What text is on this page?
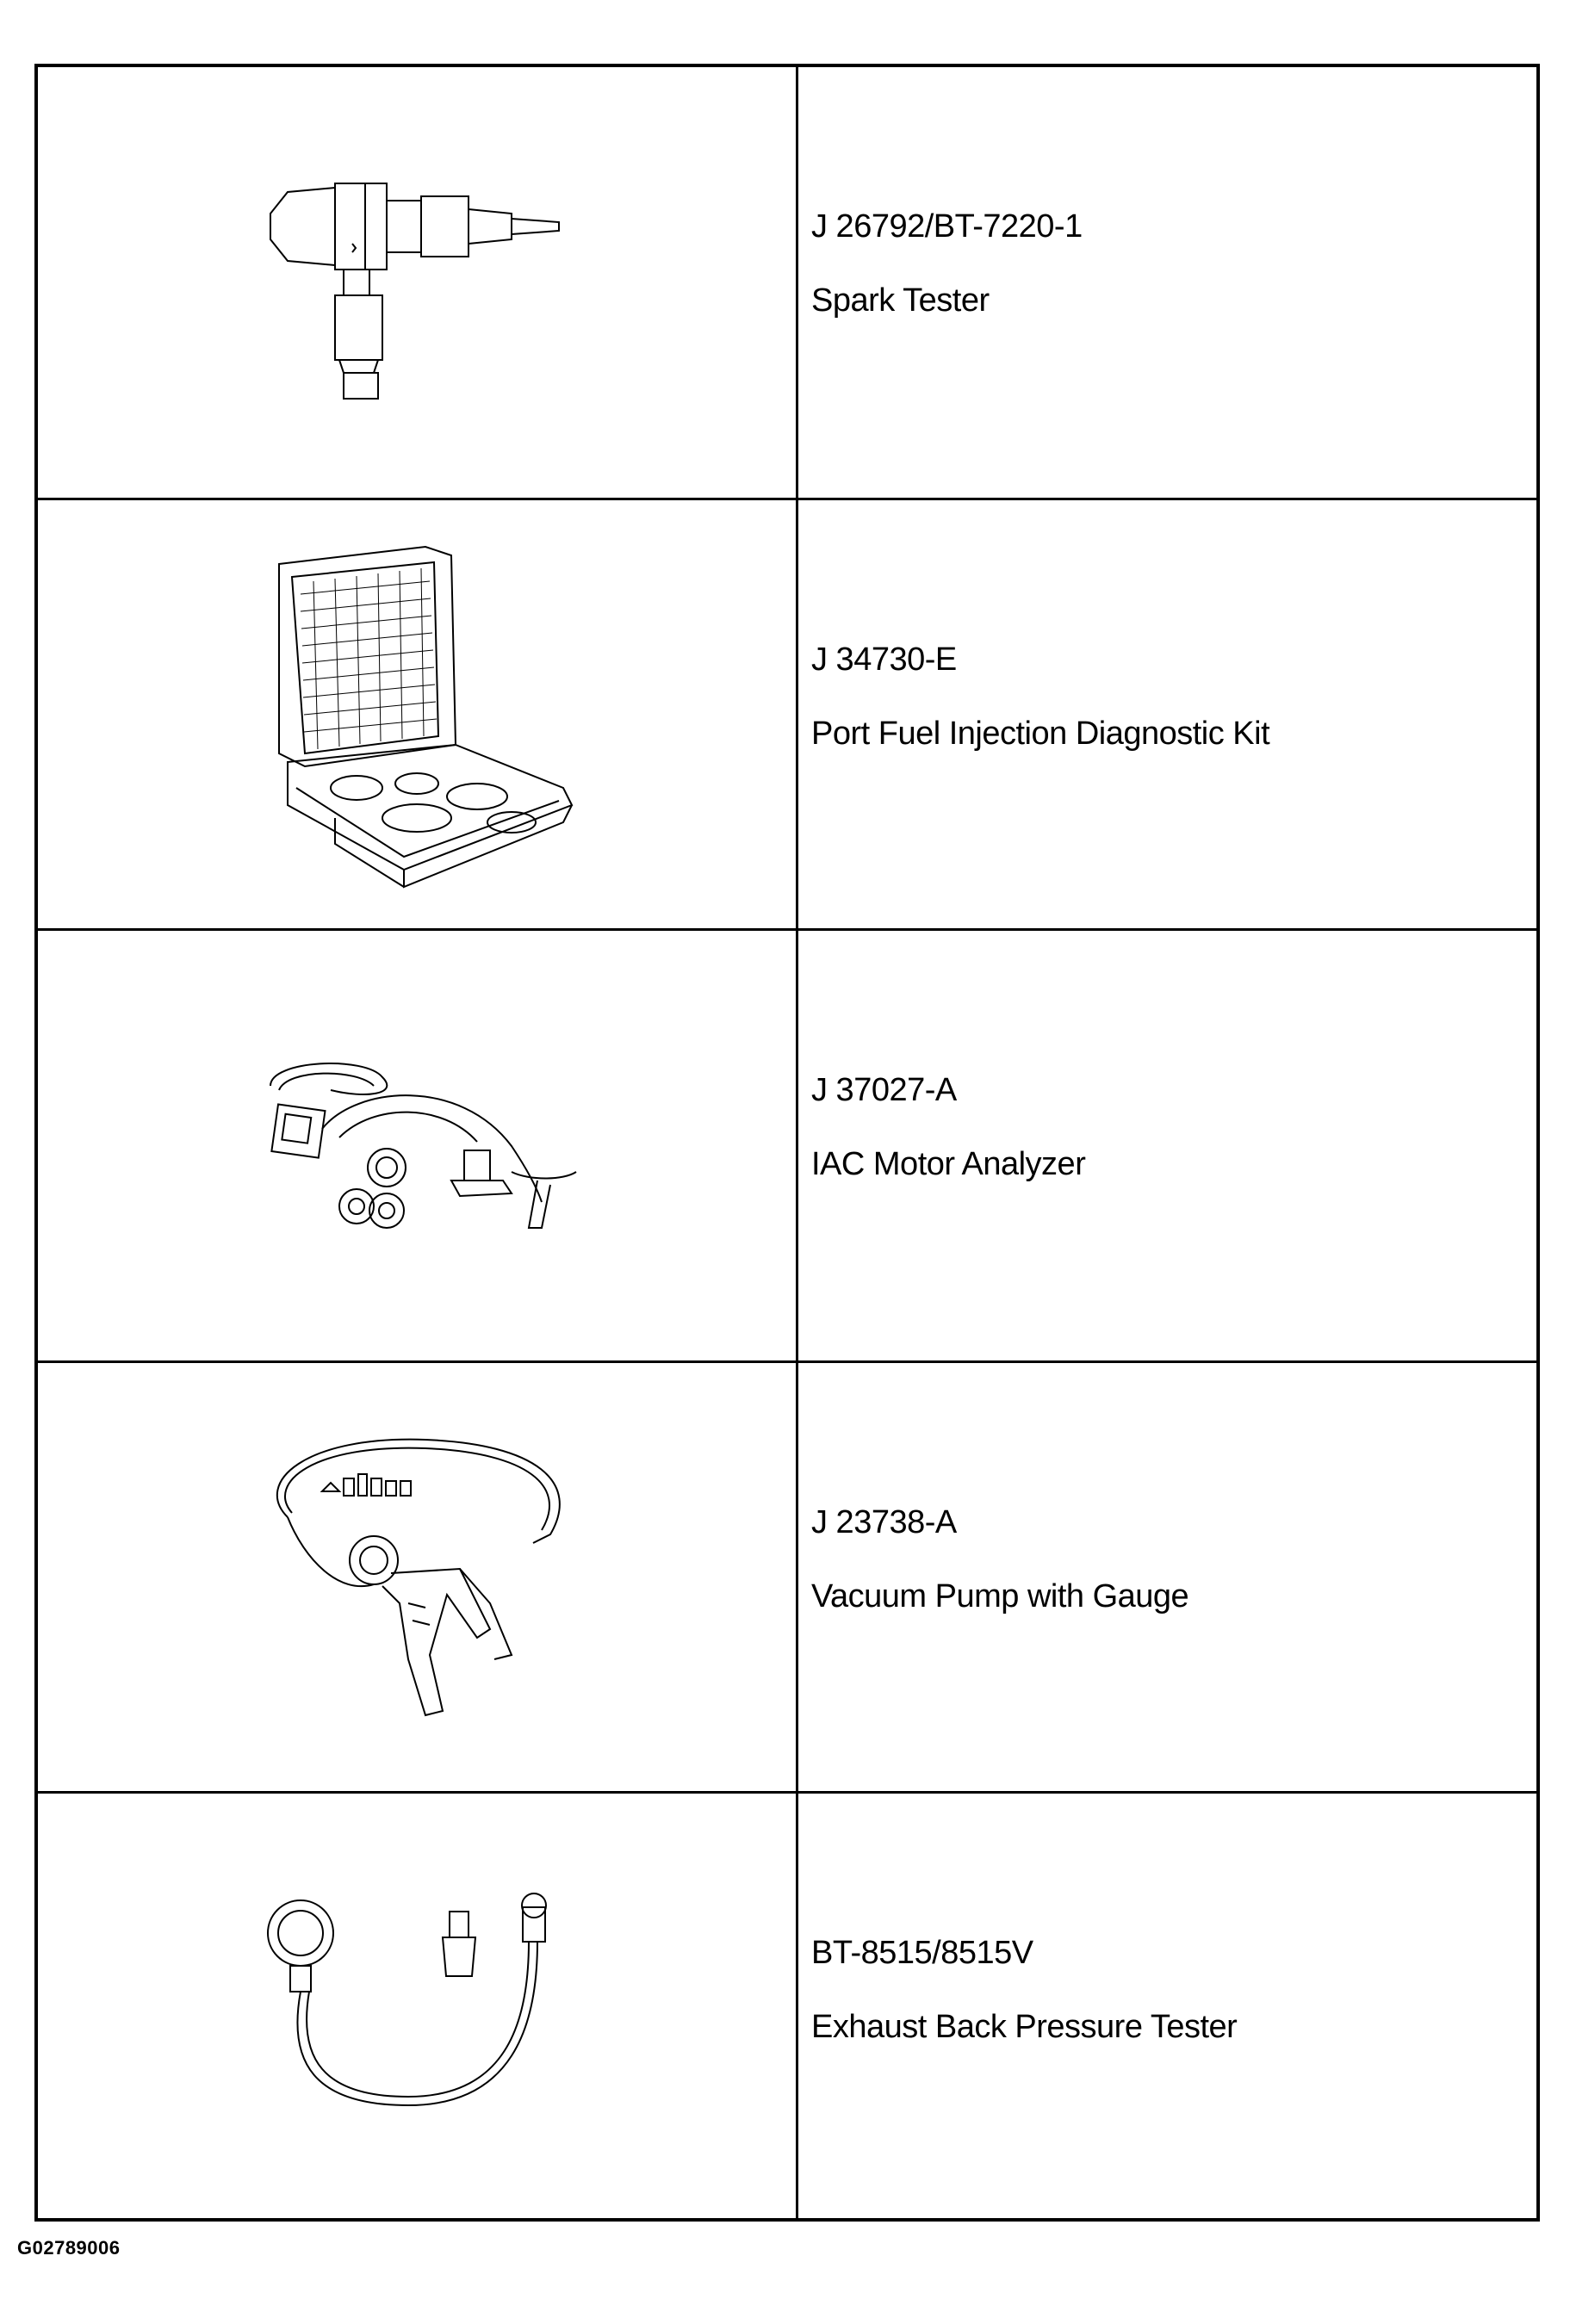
J 26792/BT-7220-1
Spark Tester
J 34730-E
Port Fuel Injection Diagnostic Kit
J 37027-A
IAC Motor Analyzer
J 23738-A
Vacuum Pump with Gauge
BT-8515/8515V
Exhaust Back Pressure Tester
G02789006
